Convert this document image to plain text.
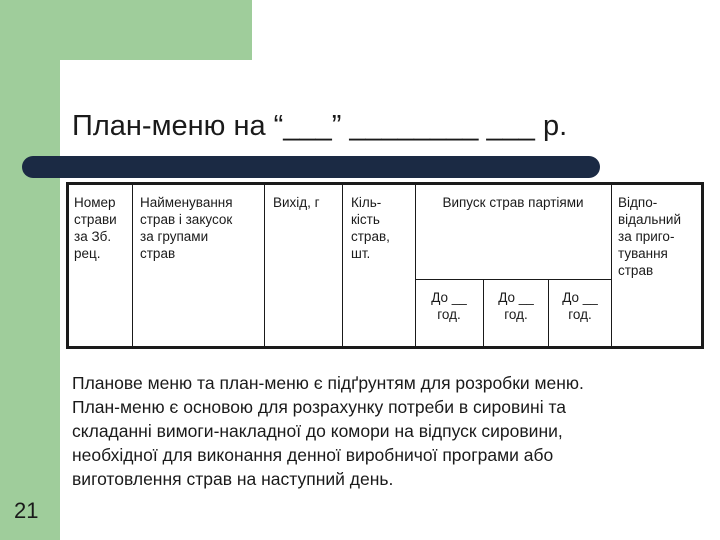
План-меню на “___” ________ ___ р.
Номер
страви
за Зб.
рец.
Найменування
страв і закусок
за групами
страв
Вихід, г Кіль-
кість
страв,
шт.
Випуск страв партіями
До __
год.
До __
год.
До __
год.
Відпо-
відальний
за приго-
тування
страв
Планове меню та план-меню є підґрунтям для розробки меню.
План-меню є основою для розрахунку потреби в сировині та
складанні вимоги-накладної до комори на відпуск сировини,
необхідної для виконання денної виробничої програми або
виготовлення страв на наступний день.
21
